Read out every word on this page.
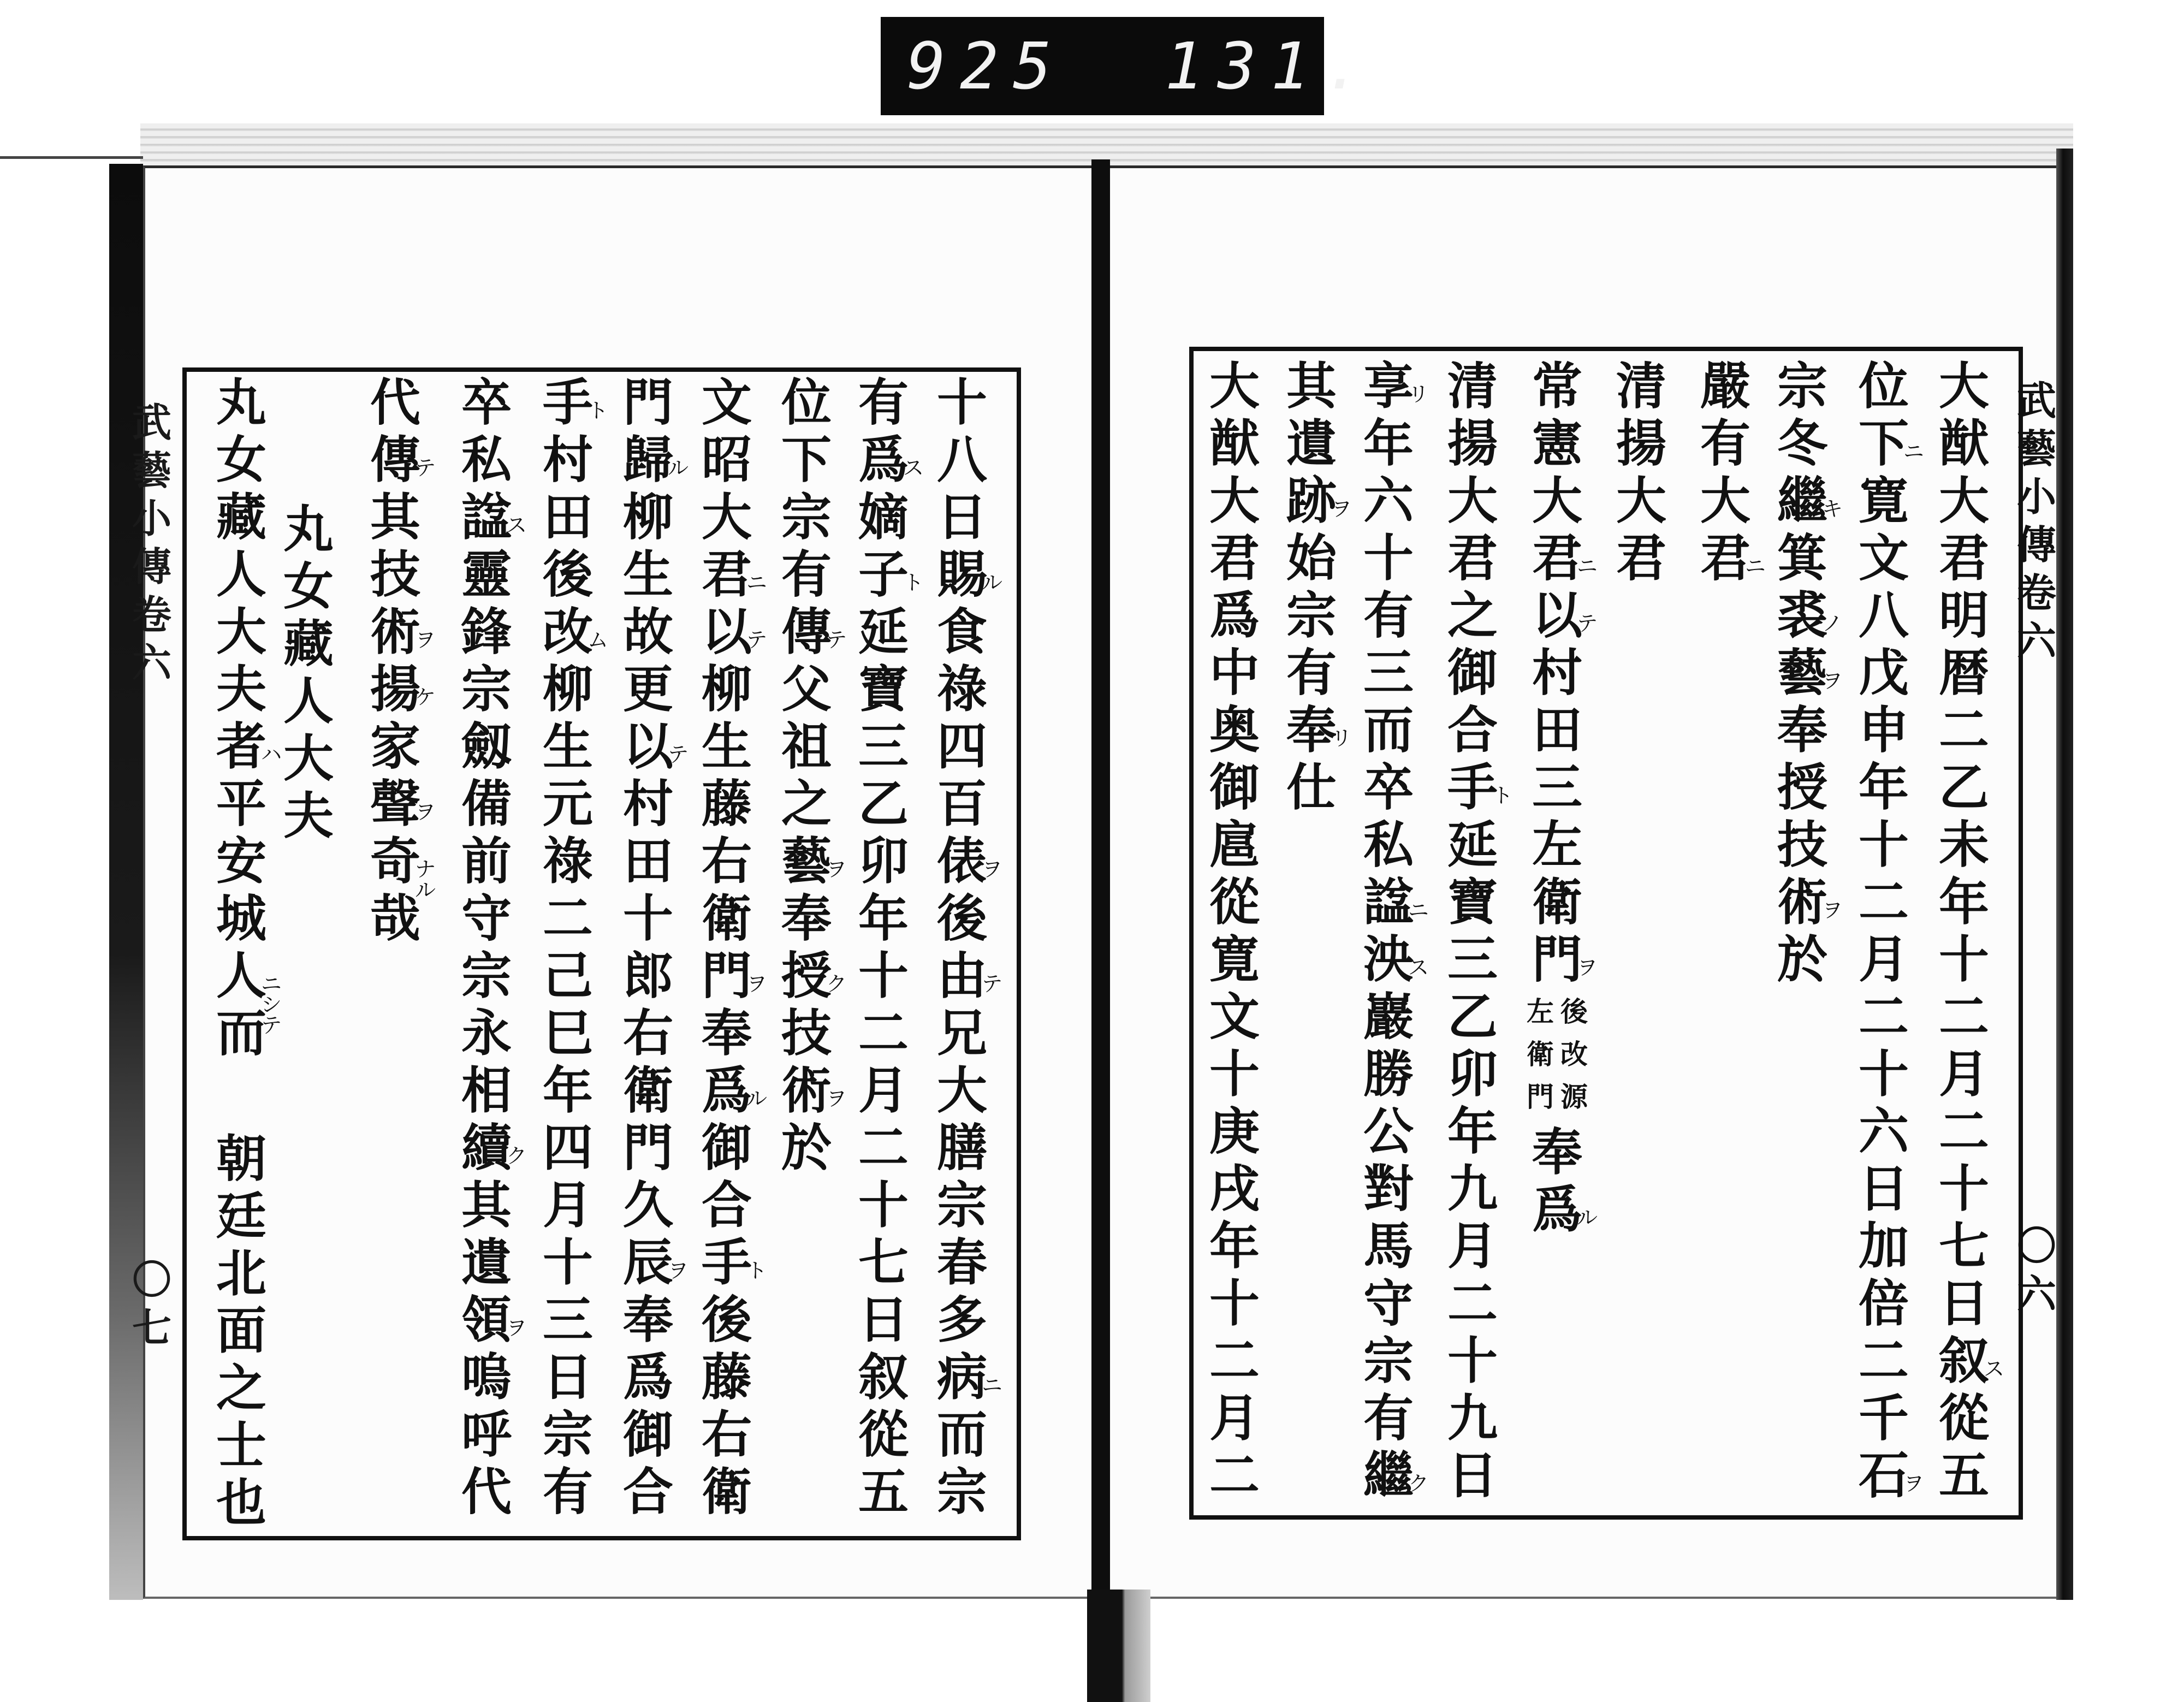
925 131.
武
藝
小
傳
卷
六
〇
六
武
藝
小
傳
卷
六
〇
七
大
猷
大
君
明
暦
二
乙
未
年
十
二
月
二
十
七
日
叙
ス
從
五
位
下
ニ
寛
文
八
戊
申
年
十
二
月
二
十
六
日
加
倍
二
千
石
ヲ
宗
冬
繼
キ
箕
裘
ノ
藝
ヲ
奉
授
技
術
ヲ
於
嚴
有
大
君
ニ
清
揚
大
君
常
憲
大
君
ニ
以
テ
村
田
三
左
衛
門
ヲ
後
改
源
左
衛
門
奉
爲
ル
清
揚
大
君
之
御
合
手
ト
延
寶
三
乙
卯
年
九
月
二
十
九
日
享
リ
年
六
十
有
三
而
卒
私
諡
ニ
泱
ス
巖
勝
公
對
馬
守
宗
有
繼
ク
其
遺
跡
ヲ
始
宗
有
奉
リ
仕
大
猷
大
君
爲
中
奥
御
扈
從
寛
文
十
庚
戌
年
十
二
月
二
十
八
日
賜
ル
食
祿
四
百
俵
ヲ
後
由
テ
兄
大
膳
宗
春
多
病
ニ
而
宗
有
爲
ス
嫡
子
ト
延
寶
三
乙
卯
年
十
二
月
二
十
七
日
叙
從
五
位
下
宗
有
傳
テ
父
祖
之
藝
ヲ
奉
授
ク
技
術
ヲ
於
文
昭
大
君
ニ
以
テ
柳
生
藤
右
衛
門
ヲ
奉
爲
ル
御
合
手
ト
後
藤
右
衛
門
歸
ル
柳
生
故
更
以
テ
村
田
十
郎
右
衛
門
久
辰
ヲ
奉
爲
御
合
手
ト
村
田
後
改
ム
柳
生
元
祿
二
己
巳
年
四
月
十
三
日
宗
有
卒
私
諡
ス
靈
鋒
宗
劔
備
前
守
宗
永
相
續
ク
其
遺
領
ヲ
嗚
呼
代
代
傳
テ
其
技
術
ヲ
揚
ケ
家
聲
ヲ
奇
ナル
哉
丸
女
藏
人
大
夫
丸
女
藏
人
大
夫
者
ハ
平
安
城
人
ニシテ
而
朝
廷
北
面
之
士
也
